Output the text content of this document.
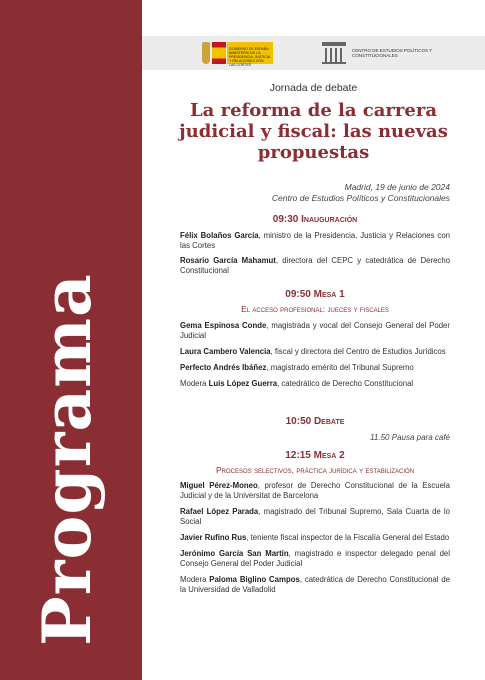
Programa
GOBIERNO DE ESPAÑA · MINISTERIO DE LA PRESIDENCIA, JUSTICIA Y RELACIONES CON LAS CORTES
CENTRO DE ESTUDIOS POLÍTICOS Y CONSTITUCIONALES
Jornada de debate
La reforma de la carrera judicial y fiscal: las nuevas propuestas
Madrid, 19 de junio de 2024
Centro de Estudios Políticos y Constitucionales
09:30 Inauguración
Félix Bolaños García, ministro de la Presidencia, Justicia y Relaciones con las Cortes
Rosario García Mahamut, directora del CEPC y catedrática de Derecho Constitucional
09:50 Mesa 1
El acceso profesional: jueces y fiscales
Gema Espinosa Conde, magistrada y vocal del Consejo General del Poder Judicial
Laura Cambero Valencia, fiscal y directora del Centro de Estudios Jurídicos
Perfecto Andrés Ibáñez, magistrado emérito del Tribunal Supremo
Modera Luis López Guerra, catedrático de Derecho Constitucional
10:50 Debate
11.50 Pausa para café
12:15 Mesa 2
Procesos selectivos, práctica jurídica y estabilización
Miguel Pérez-Moneo, profesor de Derecho Constitucional de la Escuela Judicial y de la Universitat de Barcelona
Rafael López Parada, magistrado del Tribunal Supremo, Sala Cuarta de lo Social
Javier Rufino Rus, teniente fiscal inspector de la Fiscalía General del Estado
Jerónimo García San Martín, magistrado e inspector delegado penal del Consejo General del Poder Judicial
Modera Paloma Biglino Campos, catedrática de Derecho Constitucional de la Universidad de Valladolid
